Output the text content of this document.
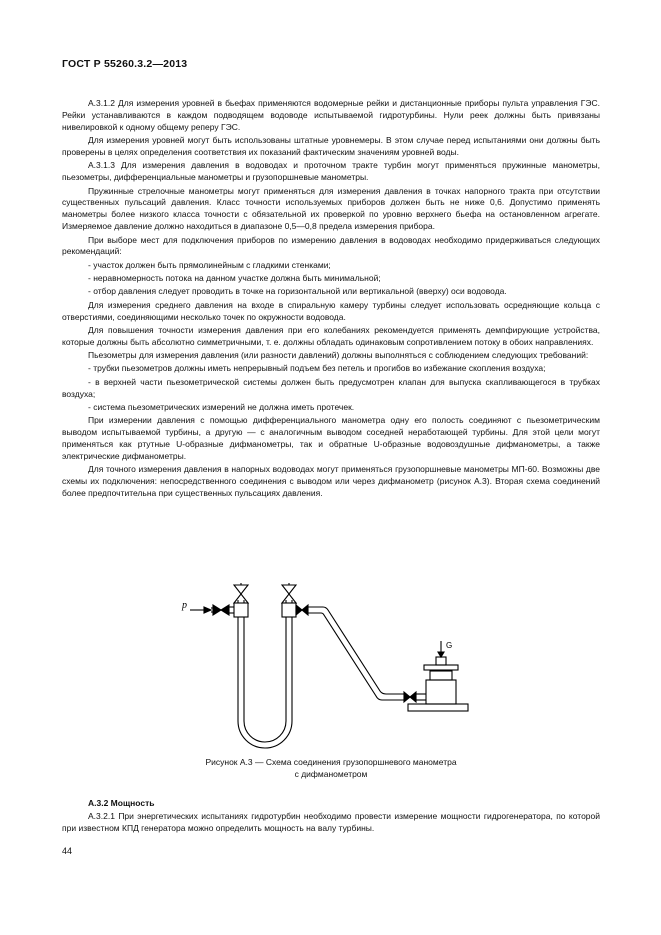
ГОСТ Р 55260.3.2—2013

А.3.1.2 Для измерения уровней в бьефах применяются водомерные рейки и дистанционные приборы пульта управления ГЭС. Рейки устанавливаются в каждом подводящем водоводе испытываемой гидротурбины. Нули реек должны быть привязаны нивелировкой к одному общему реперу ГЭС.

Для измерения уровней могут быть использованы штатные уровнемеры. В этом случае перед испытаниями они должны быть проверены в целях определения соответствия их показаний фактическим значениям уровней воды.

А.3.1.3 Для измерения давления в водоводах и проточном тракте турбин могут применяться пружинные манометры, пьезометры, дифференциальные манометры и грузопоршневые манометры.

Пружинные стрелочные манометры могут применяться для измерения давления в точках напорного тракта при отсутствии существенных пульсаций давления. Класс точности используемых приборов должен быть не ниже 0,6. Допустимо применять манометры более низкого класса точности с обязательной их проверкой по уровню верхнего бьефа на остановленном агрегате. Измеряемое давление должно находиться в диапазоне 0,5—0,8 предела измерения прибора.

При выборе мест для подключения приборов по измерению давления в водоводах необходимо придерживаться следующих рекомендаций:

- участок должен быть прямолинейным с гладкими стенками;

- неравномерность потока на данном участке должна быть минимальной;

- отбор давления следует проводить в точке на горизонтальной или вертикальной (вверху) оси водовода.

Для измерения среднего давления на входе в спиральную камеру турбины следует использовать осредняющие кольца с отверстиями, соединяющими несколько точек по окружности водовода.

Для повышения точности измерения давления при его колебаниях рекомендуется применять демпфирующие устройства, которые должны быть абсолютно симметричными, т. е. должны обладать одинаковым сопротивлением потоку в обоих направлениях.

Пьезометры для измерения давления (или разности давлений) должны выполняться с соблюдением следующих требований:

- трубки пьезометров должны иметь непрерывный подъем без петель и прогибов во избежание скопления воздуха;

- в верхней части пьезометрической системы должен быть предусмотрен клапан для выпуска скапливающегося в трубках воздуха;

- система пьезометрических измерений не должна иметь протечек.

При измерении давления с помощью дифференциального манометра одну его полость соединяют с пьезометрическим выводом испытываемой турбины, а другую — с аналогичным выводом соседней неработающей турбины. Для этой цели могут применяться как ртутные U-образные дифманометры, так и обратные U-образные водовоздушные дифманометры, а также электрические дифманометры.

Для точного измерения давления в напорных водоводах могут применяться грузопоршневые манометры МП-60. Возможны две схемы их подключения: непосредственного соединения с выводом или через дифманометр (рисунок А.3). Вторая схема соединений более предпочтительна при существенных пульсациях давления.

p
G
Рисунок А.3 — Схема соединения грузопоршневого манометра
с дифманометром
А.3.2 Мощность

А.3.2.1 При энергетических испытаниях гидротурбин необходимо провести измерение мощности гидрогенератора, по которой при известном КПД генератора можно определить мощность на валу турбины.

44
